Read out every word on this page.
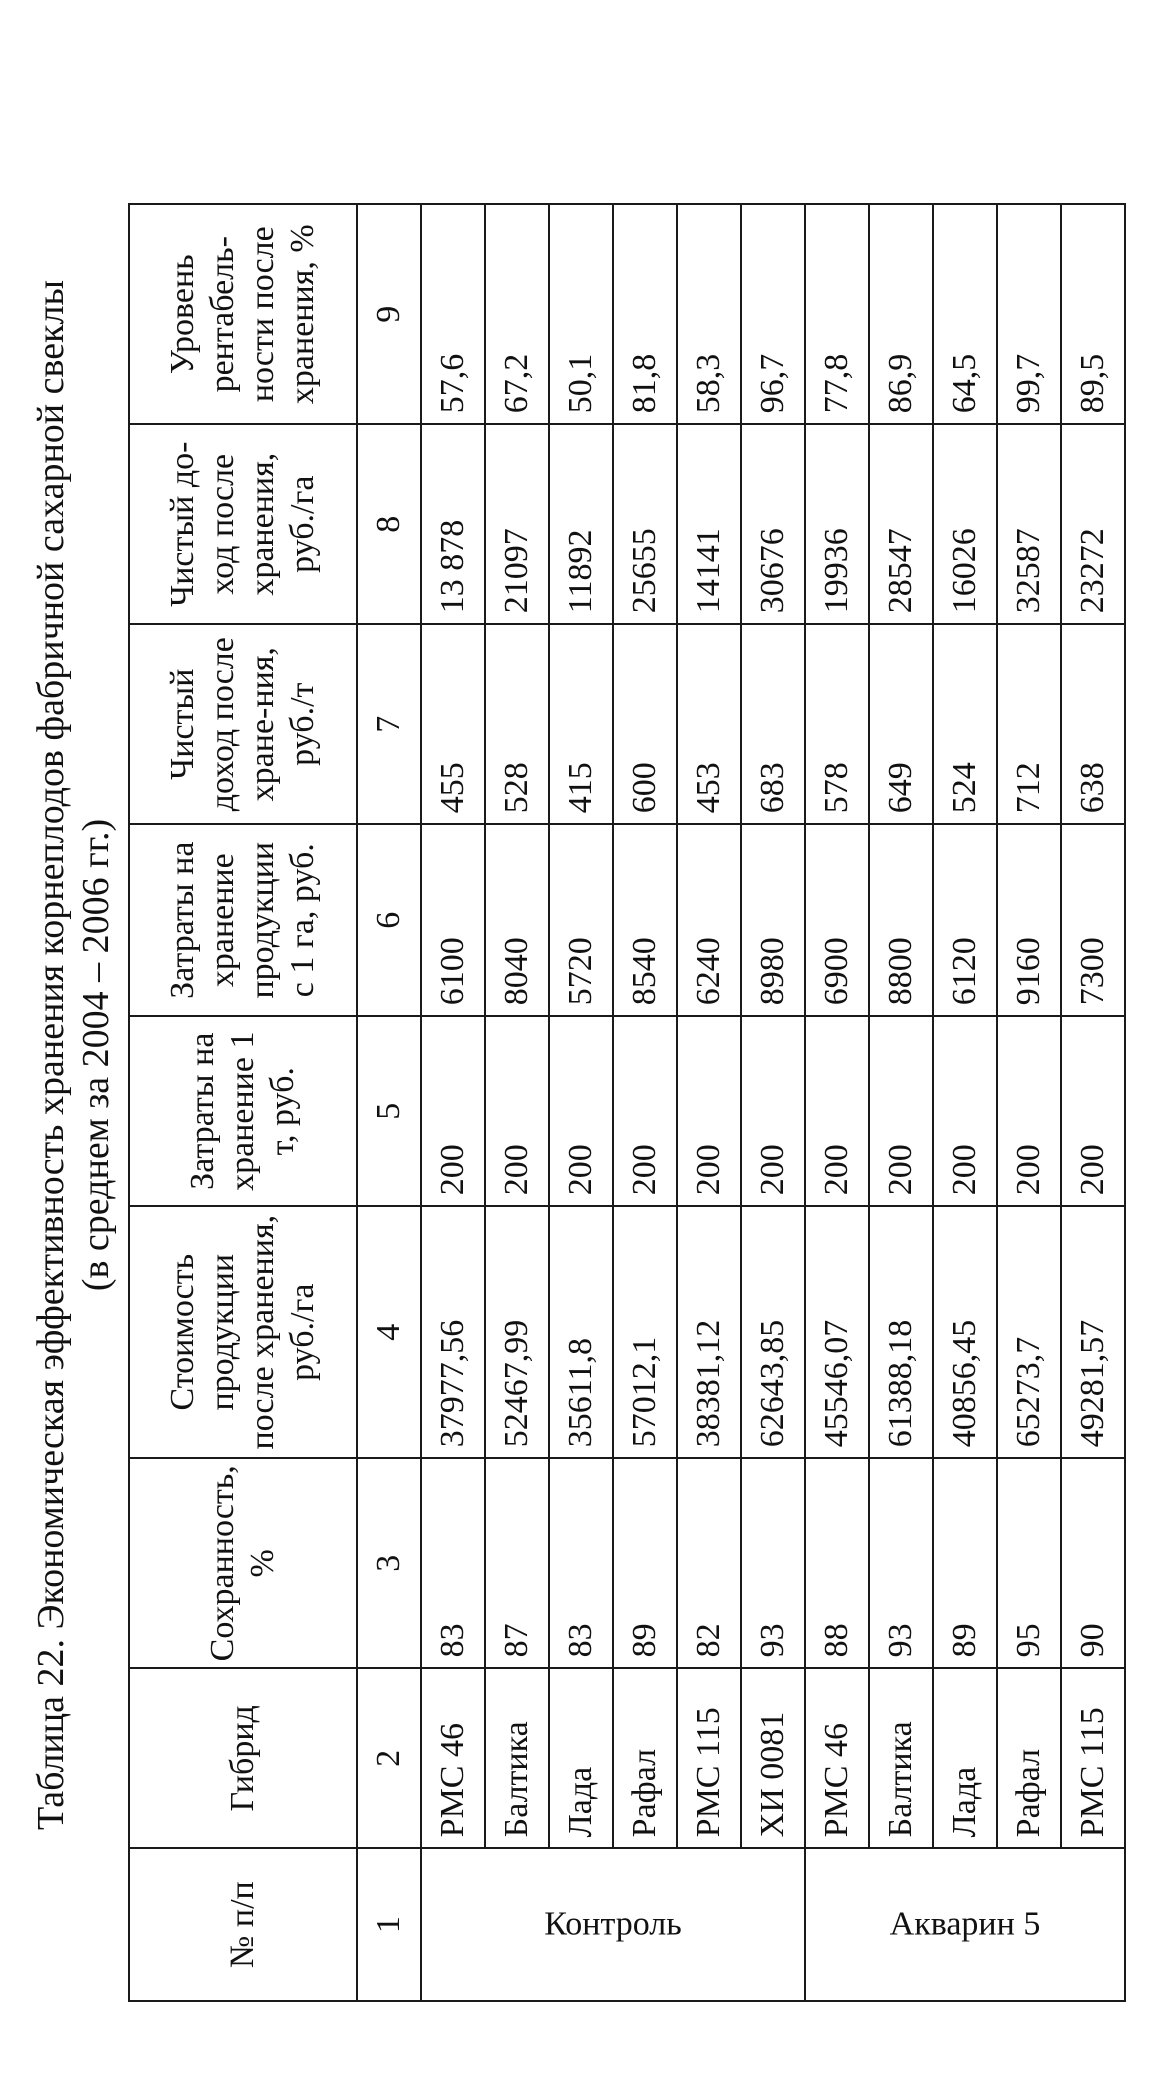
Таблица 22. Экономическая эффективность хранения корнеплодов фабричной сахарной свеклы (в среднем за 2004 – 2006 гг.)
№ п/п	Гибрид	Сохранность, %	Стоимость продукции после хранения, руб./га	Затраты на хранение 1 т, руб.	Затраты на хранение продукции с 1 га, руб.	Чистый доход после хране-ния, руб./т	Чистый до-ход после хранения, руб./га	Уровень рентабель-ности после хранения, %
1	2	3	4	5	6	7	8	9
Контроль	РМС 46	83	37977,56	200	6100	455	13 878	57,6
	Балтика	87	52467,99	200	8040	528	21097	67,2
	Лада	83	35611,8	200	5720	415	11892	50,1
	Рафал	89	57012,1	200	8540	600	25655	81,8
	РМС 115	82	38381,12	200	6240	453	14141	58,3
	ХИ 0081	93	62643,85	200	8980	683	30676	96,7
Акварин 5	РМС 46	88	45546,07	200	6900	578	19936	77,8
	Балтика	93	61388,18	200	8800	649	28547	86,9
	Лада	89	40856,45	200	6120	524	16026	64,5
	Рафал	95	65273,7	200	9160	712	32587	99,7
	РМС 115	90	49281,57	200	7300	638	23272	89,5
